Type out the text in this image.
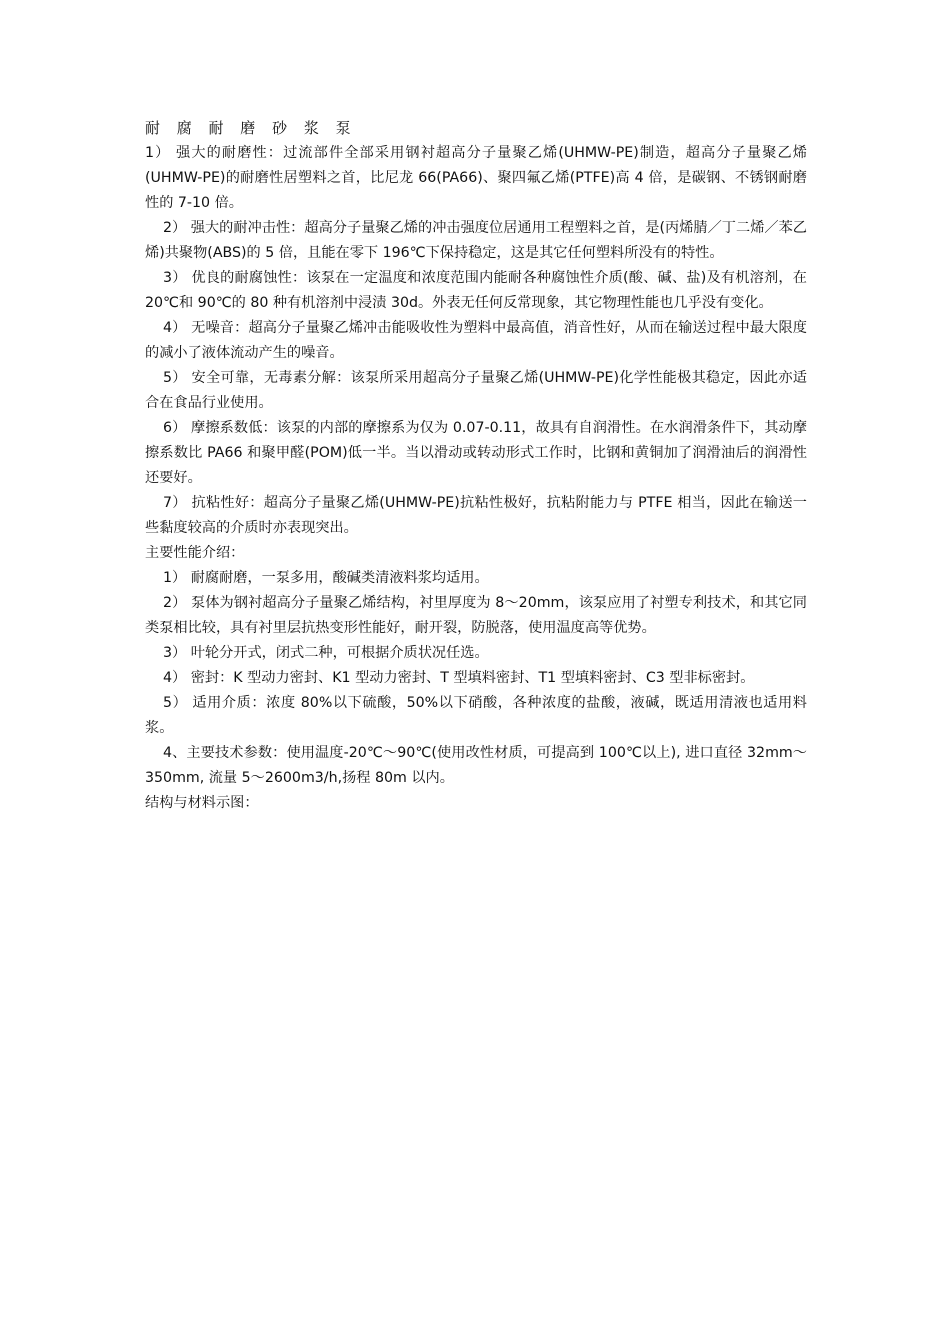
耐 腐 耐 磨 砂 浆 泵

1） 强大的耐磨性：过流部件全部采用钢衬超高分子量聚乙烯(UHMW-PE)制造，超高分子量聚乙烯(UHMW-PE)的耐磨性居塑料之首，比尼龙 66(PA66)、聚四氟乙烯(PTFE)高 4 倍，是碳钢、不锈钢耐磨性的 7-10 倍。

2） 强大的耐冲击性：超高分子量聚乙烯的冲击强度位居通用工程塑料之首，是(丙烯腈／丁二烯／苯乙烯)共聚物(ABS)的 5 倍，且能在零下 196℃下保持稳定，这是其它任何塑料所没有的特性。

3） 优良的耐腐蚀性：该泵在一定温度和浓度范围内能耐各种腐蚀性介质(酸、碱、盐)及有机溶剂，在 20℃和 90℃的 80 种有机溶剂中浸渍 30d。外表无任何反常现象，其它物理性能也几乎没有变化。

4） 无噪音：超高分子量聚乙烯冲击能吸收性为塑料中最高值，消音性好，从而在输送过程中最大限度的减小了液体流动产生的噪音。

5） 安全可靠，无毒素分解：该泵所采用超高分子量聚乙烯(UHMW-PE)化学性能极其稳定，因此亦适合在食品行业使用。

6） 摩擦系数低：该泵的内部的摩擦系为仅为 0.07-0.11，故具有自润滑性。在水润滑条件下，其动摩擦系数比 PA66 和聚甲醛(POM)低一半。当以滑动或转动形式工作时，比钢和黄铜加了润滑油后的润滑性还要好。

7） 抗粘性好：超高分子量聚乙烯(UHMW-PE)抗粘性极好，抗粘附能力与 PTFE 相当，因此在输送一些黏度较高的介质时亦表现突出。

主要性能介绍：

1） 耐腐耐磨，一泵多用，酸碱类清液料浆均适用。

2） 泵体为钢衬超高分子量聚乙烯结构，衬里厚度为 8～20mm，该泵应用了衬塑专利技术，和其它同类泵相比较，具有衬里层抗热变形性能好，耐开裂，防脱落，使用温度高等优势。

3） 叶轮分开式，闭式二种，可根据介质状况任选。

4） 密封：K 型动力密封、K1 型动力密封、T 型填料密封、T1 型填料密封、C3 型非标密封。

5） 适用介质：浓度 80%以下硫酸，50%以下硝酸，各种浓度的盐酸，液碱，既适用清液也适用料浆。

4、主要技术参数：使用温度-20℃～90℃(使用改性材质，可提高到 100℃以上), 进口直径 32mm～350mm, 流量 5～2600m3/h,扬程 80m 以内。

结构与材料示图：
